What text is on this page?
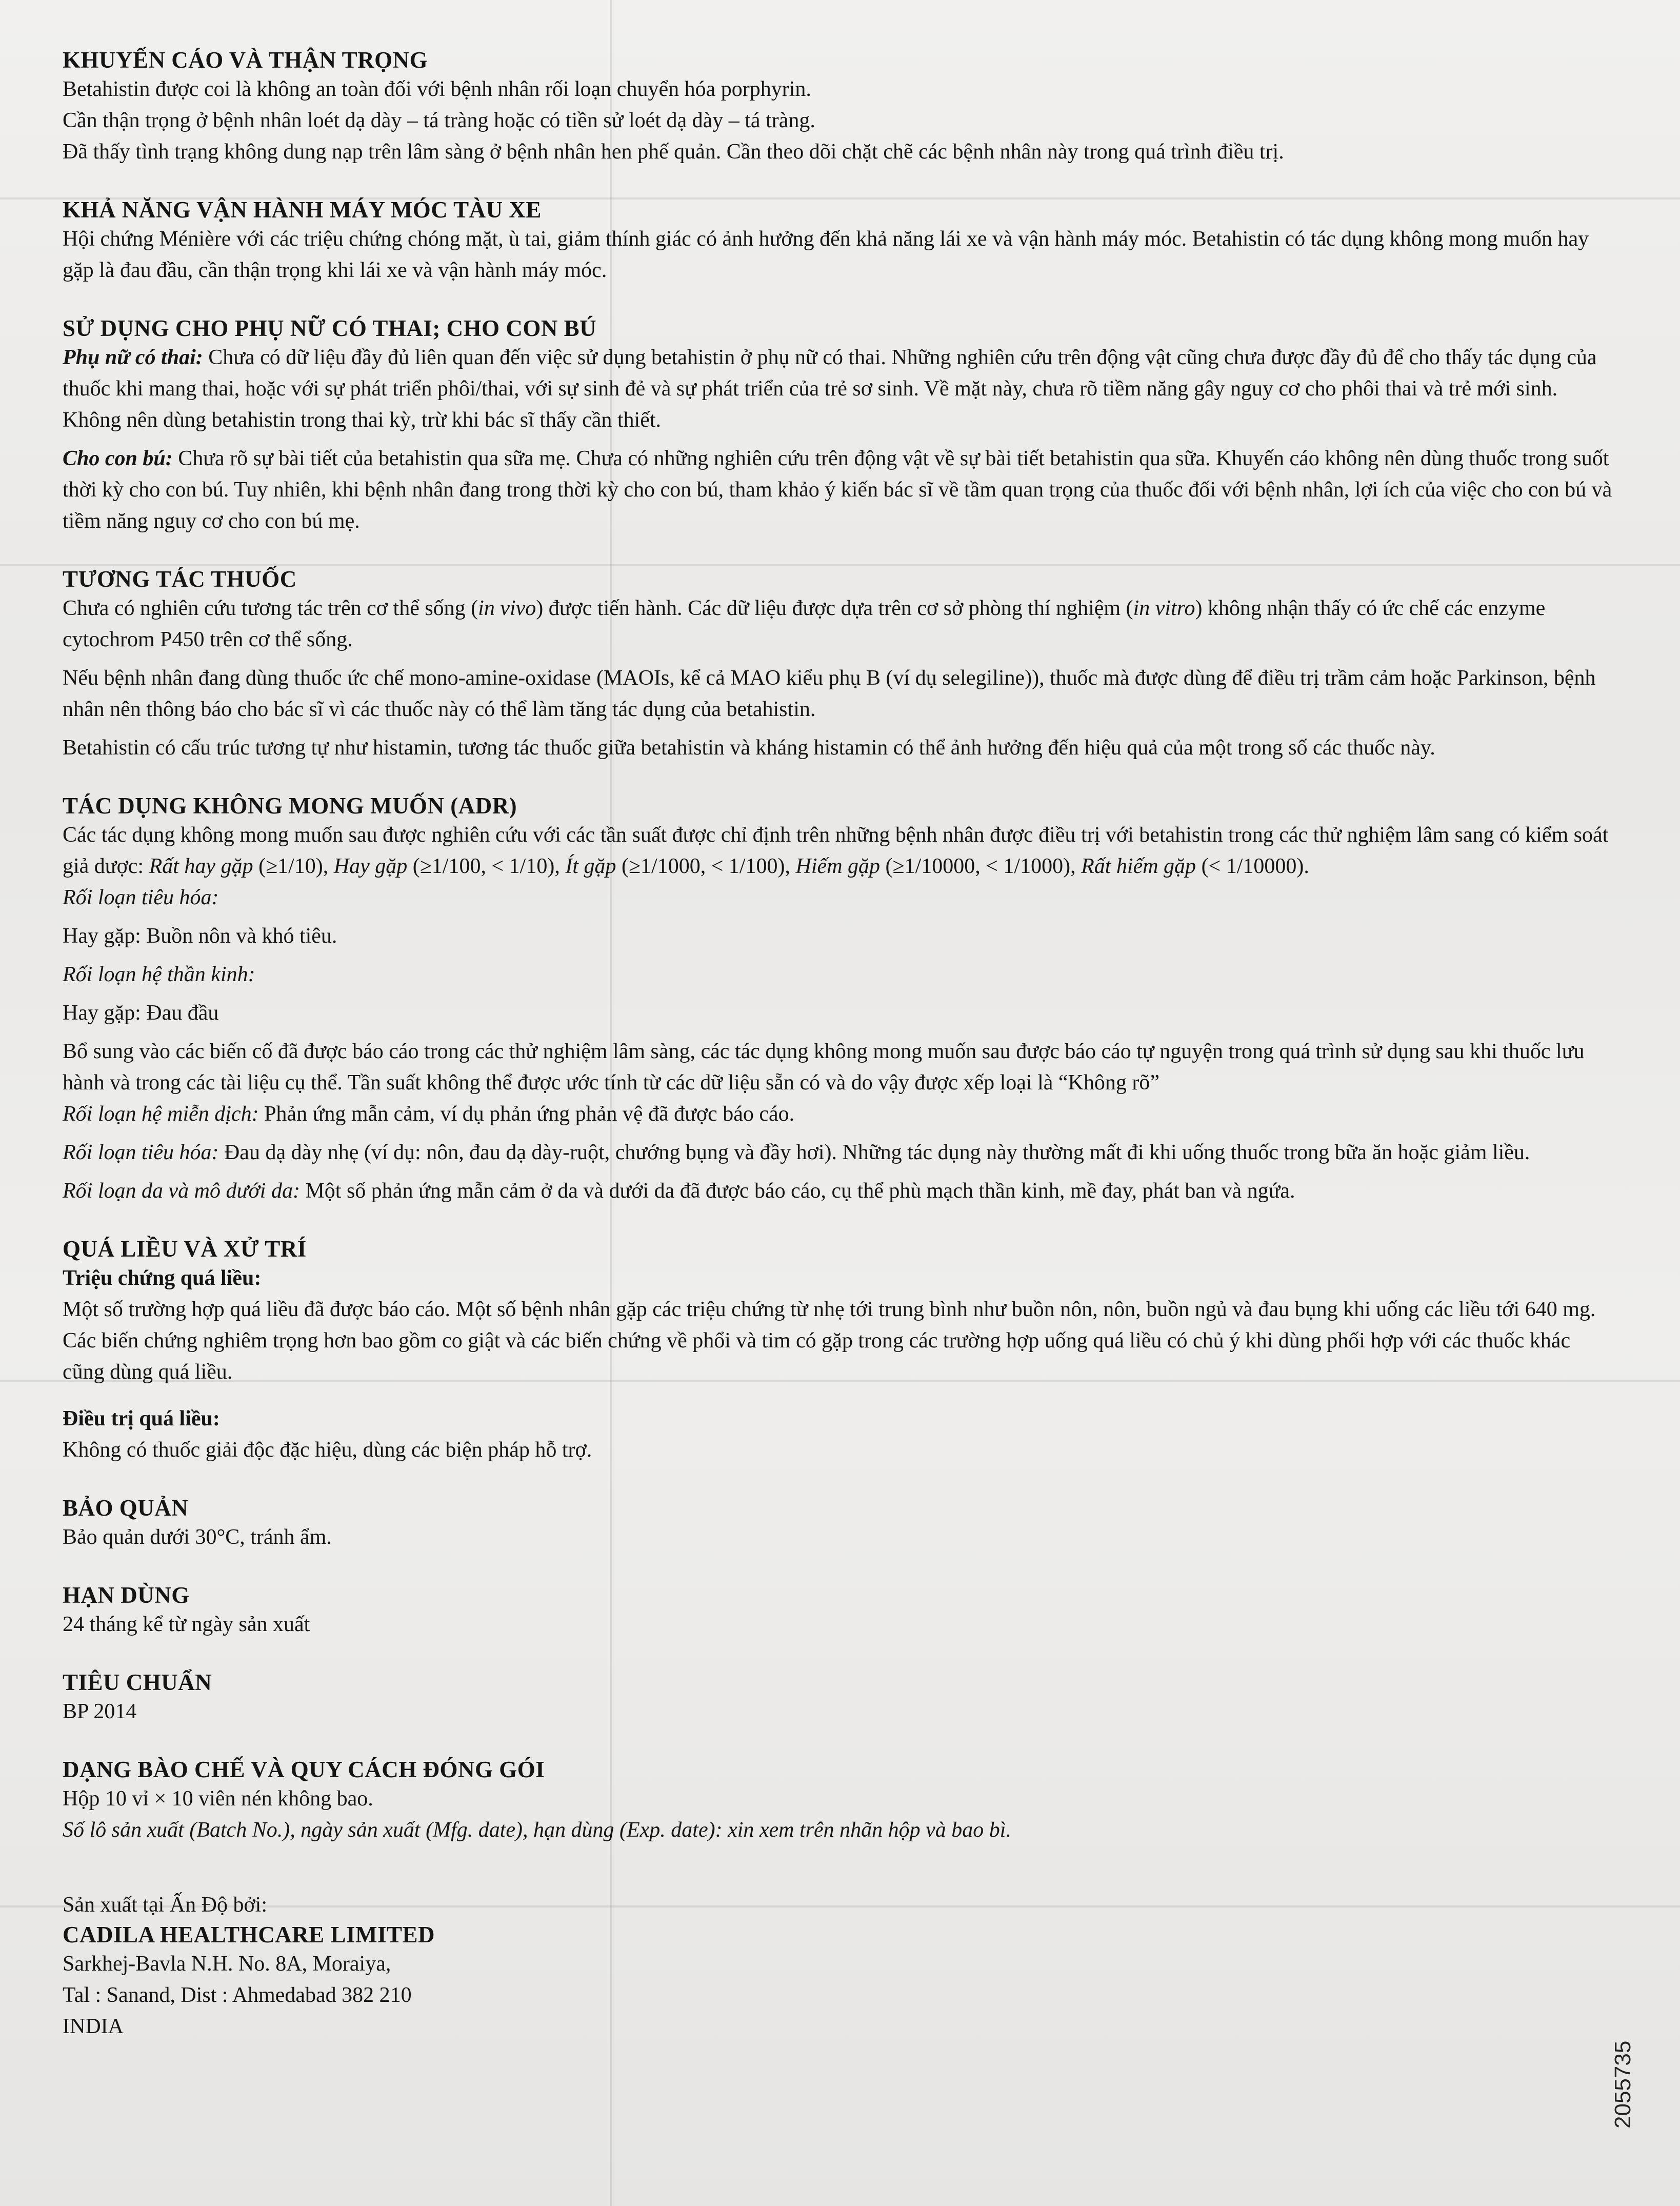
KHUYẾN CÁO VÀ THẬN TRỌNG

Betahistin được coi là không an toàn đối với bệnh nhân rối loạn chuyển hóa porphyrin.

Cần thận trọng ở bệnh nhân loét dạ dày – tá tràng hoặc có tiền sử loét dạ dày – tá tràng.

Đã thấy tình trạng không dung nạp trên lâm sàng ở bệnh nhân hen phế quản. Cần theo dõi chặt chẽ các bệnh nhân này trong quá trình điều trị.

KHẢ NĂNG VẬN HÀNH MÁY MÓC TÀU XE

Hội chứng Ménière với các triệu chứng chóng mặt, ù tai, giảm thính giác có ảnh hưởng đến khả năng lái xe và vận hành máy móc. Betahistin có tác dụng không mong muốn hay gặp là đau đầu, cần thận trọng khi lái xe và vận hành máy móc.

SỬ DỤNG CHO PHỤ NỮ CÓ THAI; CHO CON BÚ

Phụ nữ có thai: Chưa có dữ liệu đầy đủ liên quan đến việc sử dụng betahistin ở phụ nữ có thai. Những nghiên cứu trên động vật cũng chưa được đầy đủ để cho thấy tác dụng của thuốc khi mang thai, hoặc với sự phát triển phôi/thai, với sự sinh đẻ và sự phát triển của trẻ sơ sinh. Về mặt này, chưa rõ tiềm năng gây nguy cơ cho phôi thai và trẻ mới sinh. Không nên dùng betahistin trong thai kỳ, trừ khi bác sĩ thấy cần thiết.

Cho con bú: Chưa rõ sự bài tiết của betahistin qua sữa mẹ. Chưa có những nghiên cứu trên động vật về sự bài tiết betahistin qua sữa. Khuyến cáo không nên dùng thuốc trong suốt thời kỳ cho con bú. Tuy nhiên, khi bệnh nhân đang trong thời kỳ cho con bú, tham khảo ý kiến bác sĩ về tầm quan trọng của thuốc đối với bệnh nhân, lợi ích của việc cho con bú và tiềm năng nguy cơ cho con bú mẹ.

TƯƠNG TÁC THUỐC

Chưa có nghiên cứu tương tác trên cơ thể sống (in vivo) được tiến hành. Các dữ liệu được dựa trên cơ sở phòng thí nghiệm (in vitro) không nhận thấy có ức chế các enzyme cytochrom P450 trên cơ thể sống.

Nếu bệnh nhân đang dùng thuốc ức chế mono-amine-oxidase (MAOIs, kể cả MAO kiểu phụ B (ví dụ selegiline)), thuốc mà được dùng để điều trị trầm cảm hoặc Parkinson, bệnh nhân nên thông báo cho bác sĩ vì các thuốc này có thể làm tăng tác dụng của betahistin.

Betahistin có cấu trúc tương tự như histamin, tương tác thuốc giữa betahistin và kháng histamin có thể ảnh hưởng đến hiệu quả của một trong số các thuốc này.

TÁC DỤNG KHÔNG MONG MUỐN (ADR)

Các tác dụng không mong muốn sau được nghiên cứu với các tần suất được chỉ định trên những bệnh nhân được điều trị với betahistin trong các thử nghiệm lâm sang có kiểm soát giả dược: Rất hay gặp (≥1/10), Hay gặp (≥1/100, < 1/10), Ít gặp (≥1/1000, < 1/100), Hiếm gặp (≥1/10000, < 1/1000), Rất hiếm gặp (< 1/10000).

Rối loạn tiêu hóa:

Hay gặp: Buồn nôn và khó tiêu.

Rối loạn hệ thần kinh:

Hay gặp: Đau đầu

Bổ sung vào các biến cố đã được báo cáo trong các thử nghiệm lâm sàng, các tác dụng không mong muốn sau được báo cáo tự nguyện trong quá trình sử dụng sau khi thuốc lưu hành và trong các tài liệu cụ thể. Tần suất không thể được ước tính từ các dữ liệu sẵn có và do vậy được xếp loại là “Không rõ”

Rối loạn hệ miễn dịch: Phản ứng mẫn cảm, ví dụ phản ứng phản vệ đã được báo cáo.

Rối loạn tiêu hóa: Đau dạ dày nhẹ (ví dụ: nôn, đau dạ dày-ruột, chướng bụng và đầy hơi). Những tác dụng này thường mất đi khi uống thuốc trong bữa ăn hoặc giảm liều.

Rối loạn da và mô dưới da: Một số phản ứng mẫn cảm ở da và dưới da đã được báo cáo, cụ thể phù mạch thần kinh, mề đay, phát ban và ngứa.

QUÁ LIỀU VÀ XỬ TRÍ

Triệu chứng quá liều:

Một số trường hợp quá liều đã được báo cáo. Một số bệnh nhân gặp các triệu chứng từ nhẹ tới trung bình như buồn nôn, nôn, buồn ngủ và đau bụng khi uống các liều tới 640 mg. Các biến chứng nghiêm trọng hơn bao gồm co giật và các biến chứng về phổi và tim có gặp trong các trường hợp uống quá liều có chủ ý khi dùng phối hợp với các thuốc khác cũng dùng quá liều.

Điều trị quá liều:

Không có thuốc giải độc đặc hiệu, dùng các biện pháp hỗ trợ.

BẢO QUẢN

Bảo quản dưới 30°C, tránh ẩm.

HẠN DÙNG

24 tháng kể từ ngày sản xuất

TIÊU CHUẨN

BP 2014

DẠNG BÀO CHẾ VÀ QUY CÁCH ĐÓNG GÓI

Hộp 10 vỉ × 10 viên nén không bao.

Số lô sản xuất (Batch No.), ngày sản xuất (Mfg. date), hạn dùng (Exp. date): xin xem trên nhãn hộp và bao bì.

Sản xuất tại Ấn Độ bởi:

CADILA HEALTHCARE LIMITED

Sarkhej-Bavla N.H. No. 8A, Moraiya,

Tal : Sanand, Dist : Ahmedabad 382 210

INDIA

2055735
